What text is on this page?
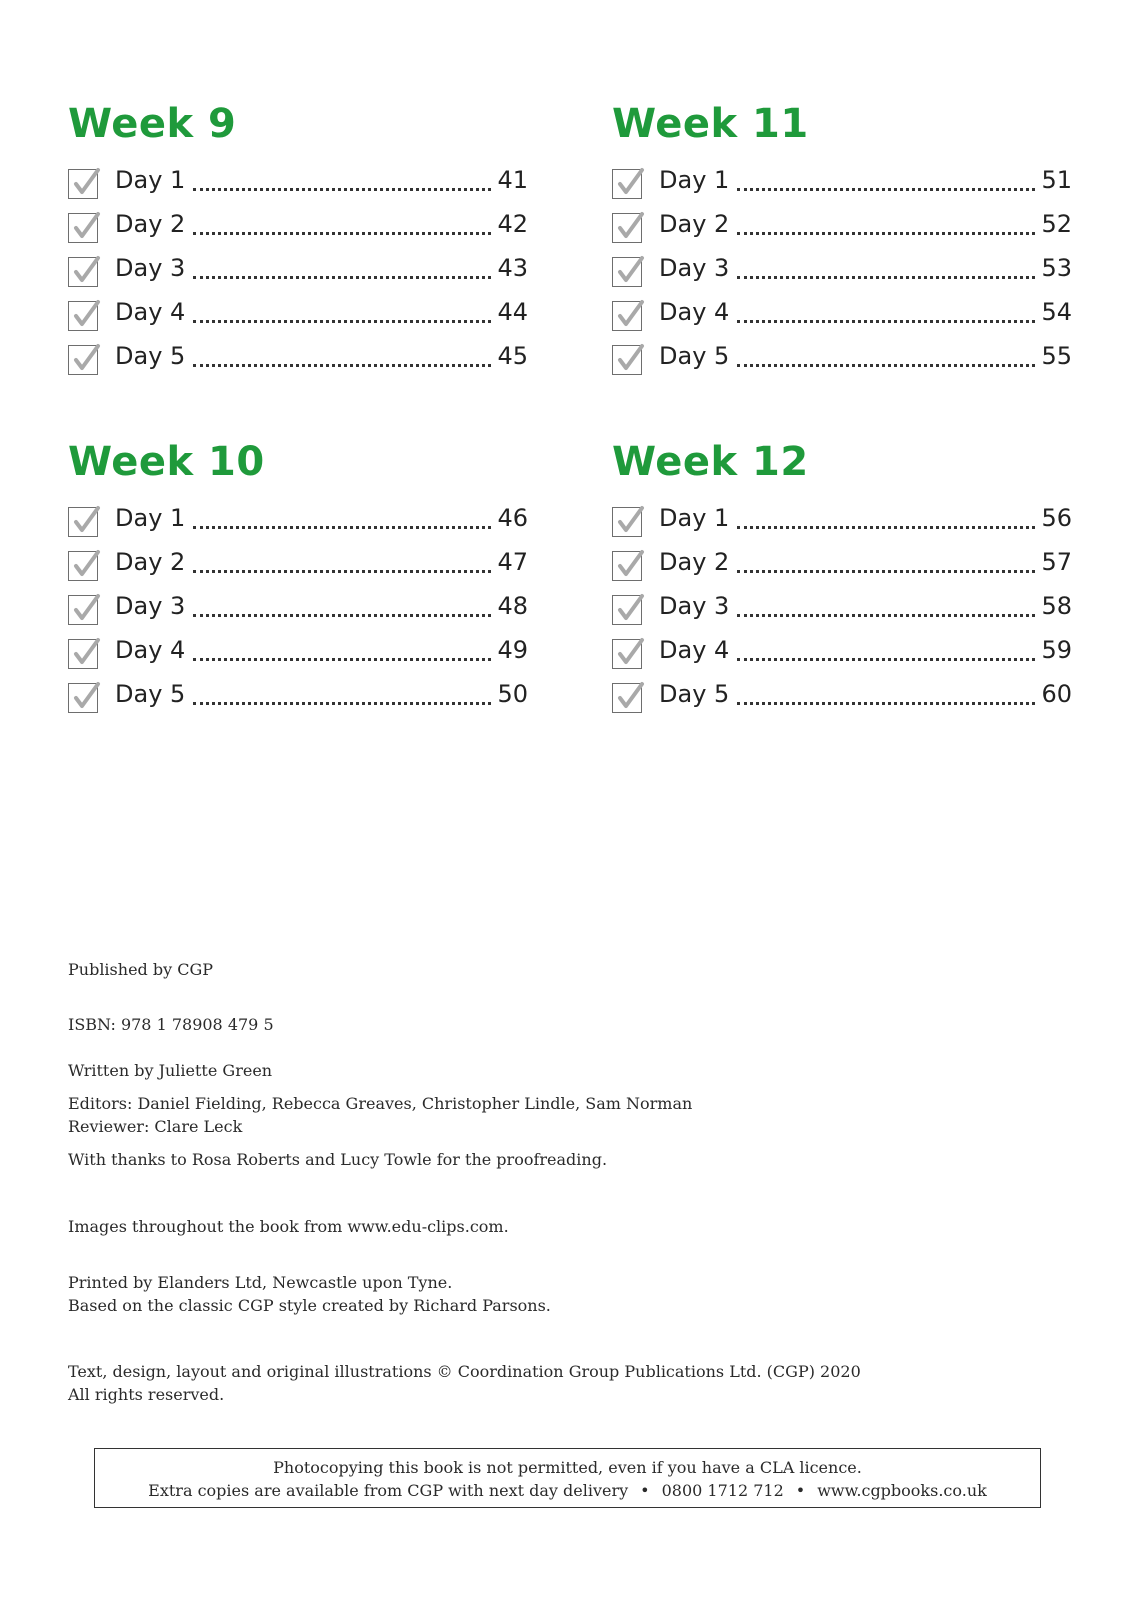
Week 9
Day 1	41
Day 2	42
Day 3	43
Day 4	44
Day 5	45
Week 11
Day 1	51
Day 2	52
Day 3	53
Day 4	54
Day 5	55
Week 10
Day 1	46
Day 2	47
Day 3	48
Day 4	49
Day 5	50
Week 12
Day 1	56
Day 2	57
Day 3	58
Day 4	59
Day 5	60

Published by CGP

ISBN: 978 1 78908 479 5

Written by Juliette Green

Editors: Daniel Fielding, Rebecca Greaves, Christopher Lindle, Sam Norman

Reviewer: Clare Leck

With thanks to Rosa Roberts and Lucy Towle for the proofreading.

Images throughout the book from www.edu-clips.com.

Printed by Elanders Ltd, Newcastle upon Tyne.

Based on the classic CGP style created by Richard Parsons.

Text, design, layout and original illustrations © Coordination Group Publications Ltd. (CGP) 2020

All rights reserved.

Photocopying this book is not permitted, even if you have a CLA licence.

Extra copies are available from CGP with next day delivery • 0800 1712 712 • www.cgpbooks.co.uk
